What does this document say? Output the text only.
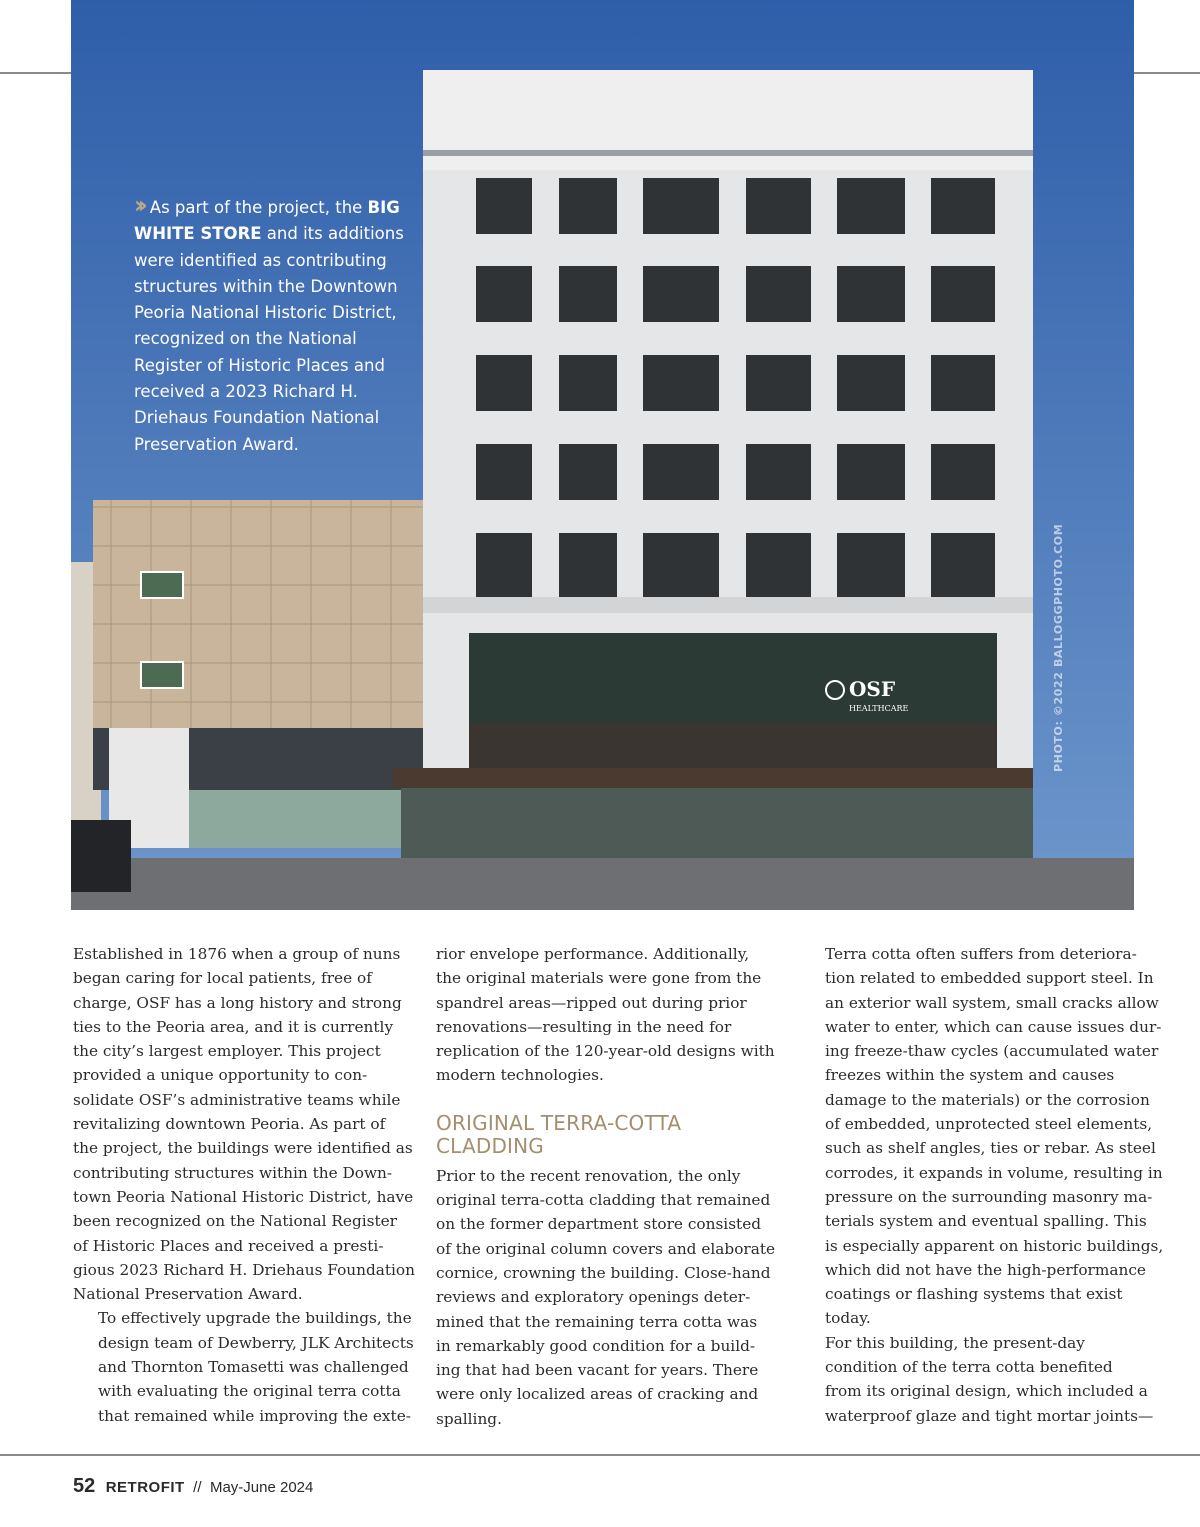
OSF
HEALTHCARE
›› As part of the project, the BIG WHITE STORE and its additions were identified as contributing structures within the Downtown Peoria National Historic District, recognized on the National Register of Historic Places and received a 2023 Richard H. Driehaus Foundation National Preservation Award.
PHOTO: ©2022 BALLOGGPHOTO.COM

Established in 1876 when a group of nuns
began caring for local patients, free of
charge, OSF has a long history and strong
ties to the Peoria area, and it is currently
the city’s largest employer. This project
provided a unique opportunity to con-
solidate OSF’s administrative teams while
revitalizing downtown Peoria. As part of
the project, the buildings were identified as
contributing structures within the Down-
town Peoria National Historic District, have
been recognized on the National Register
of Historic Places and received a presti-
gious 2023 Richard H. Driehaus Foundation
National Preservation Award.

To effectively upgrade the buildings, the
design team of Dewberry, JLK Architects
and Thornton Tomasetti was challenged
with evaluating the original terra cotta
that remained while improving the exte-

rior envelope performance. Additionally,
the original materials were gone from the
spandrel areas—ripped out during prior
renovations—resulting in the need for
replication of the 120-year-old designs with
modern technologies.

ORIGINAL TERRA-COTTA
CLADDING

Prior to the recent renovation, the only
original terra-cotta cladding that remained
on the former department store consisted
of the original column covers and elaborate
cornice, crowning the building. Close-hand
reviews and exploratory openings deter-
mined that the remaining terra cotta was
in remarkably good condition for a build-
ing that had been vacant for years. There
were only localized areas of cracking and
spalling.

Terra cotta often suffers from deteriora-
tion related to embedded support steel. In
an exterior wall system, small cracks allow
water to enter, which can cause issues dur-
ing freeze-thaw cycles (accumulated water
freezes within the system and causes
damage to the materials) or the corrosion
of embedded, unprotected steel elements,
such as shelf angles, ties or rebar. As steel
corrodes, it expands in volume, resulting in
pressure on the surrounding masonry ma-
terials system and eventual spalling. This
is especially apparent on historic buildings,
which did not have the high-performance
coatings or flashing systems that exist
today.

For this building, the present-day
condition of the terra cotta benefited
from its original design, which included a
waterproof glaze and tight mortar joints—

52 RETROFIT // May-June 2024
